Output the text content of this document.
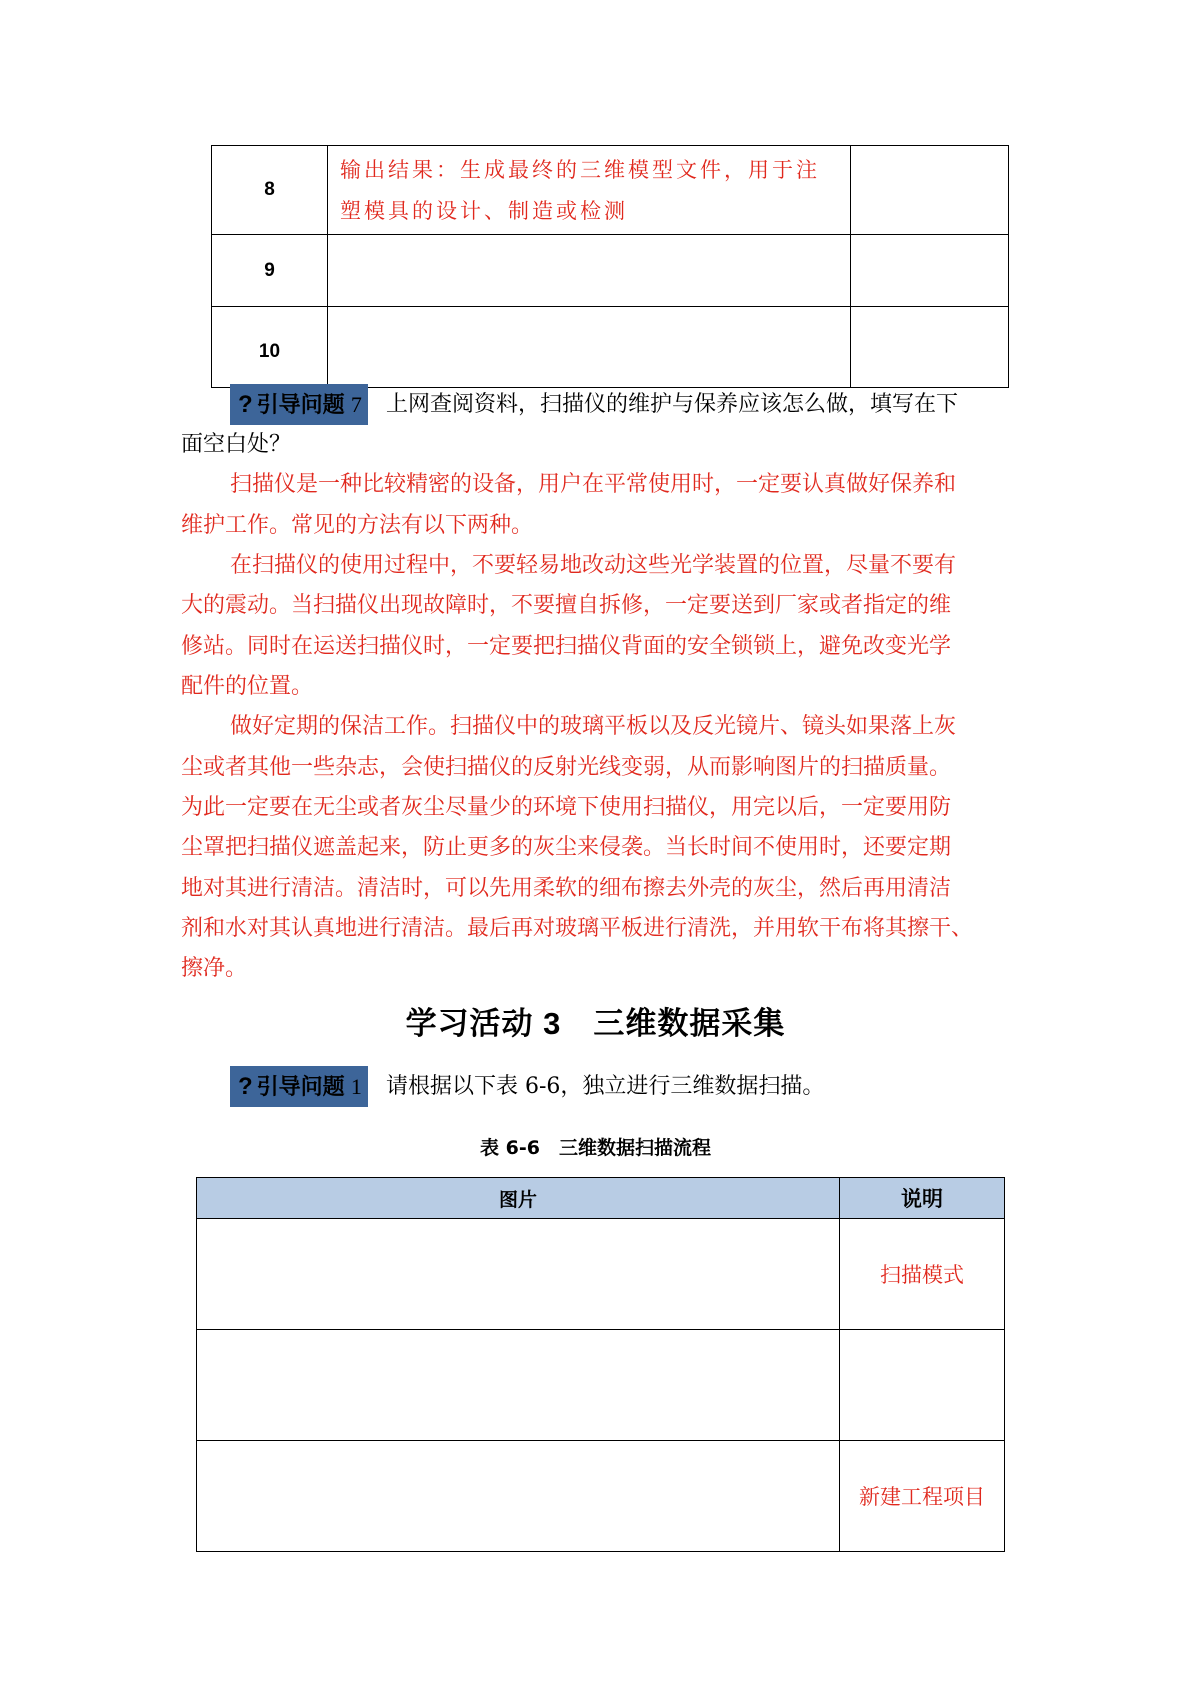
8	输出结果：生成最终的三维模型文件，用于注
塑模具的设计、制造或检测	

9		
10		
? 引导问题 7 上网查阅资料，扫描仪的维护与保养应该怎么做，填写在下
面空白处？
扫描仪是一种比较精密的设备，用户在平常使用时，一定要认真做好保养和
维护工作。常见的方法有以下两种。
在扫描仪的使用过程中，不要轻易地改动这些光学装置的位置，尽量不要有
大的震动。当扫描仪出现故障时，不要擅自拆修，一定要送到厂家或者指定的维
修站。同时在运送扫描仪时，一定要把扫描仪背面的安全锁锁上，避免改变光学
配件的位置。
做好定期的保洁工作。扫描仪中的玻璃平板以及反光镜片、镜头如果落上灰
尘或者其他一些杂志，会使扫描仪的反射光线变弱，从而影响图片的扫描质量。
为此一定要在无尘或者灰尘尽量少的环境下使用扫描仪，用完以后，一定要用防
尘罩把扫描仪遮盖起来，防止更多的灰尘来侵袭。当长时间不使用时，还要定期
地对其进行清洁。清洁时，可以先用柔软的细布擦去外壳的灰尘，然后再用清洁
剂和水对其认真地进行清洁。最后再对玻璃平板进行清洗，并用软干布将其擦干、
擦净。
学习活动 3　三维数据采集
? 引导问题 1 请根据以下表 6-6，独立进行三维数据扫描。
表 6-6　三维数据扫描流程
图片	说明
	扫描模式

	新建工程项目
